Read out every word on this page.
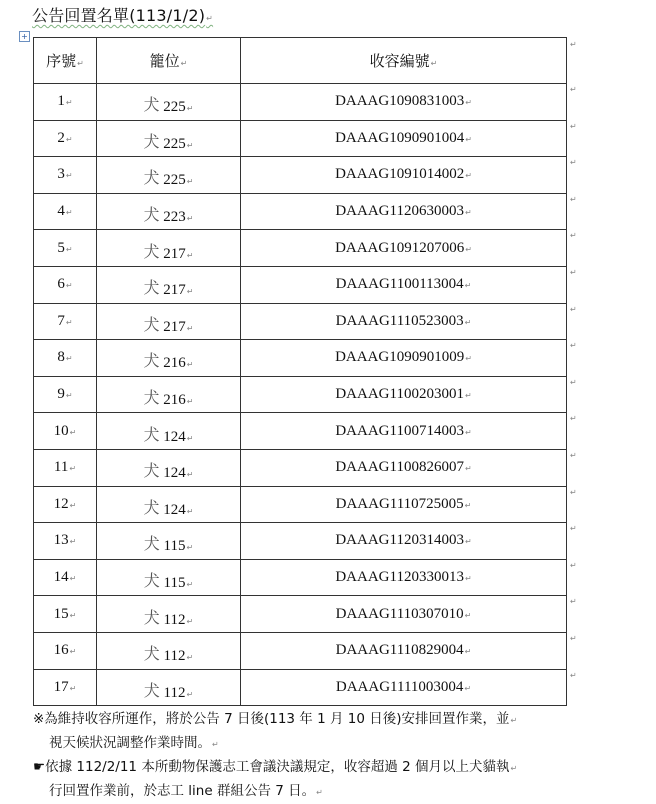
公告回置名單(113/1/2) ↵
+
序號 ↵	籠位 ↵	收容編號 ↵
1 ↵	犬 225 ↵	DAAAG1090831003 ↵
2 ↵	犬 225 ↵	DAAAG1090901004 ↵
3 ↵	犬 225 ↵	DAAAG1091014002 ↵
4 ↵	犬 223 ↵	DAAAG1120630003 ↵
5 ↵	犬 217 ↵	DAAAG1091207006 ↵
6 ↵	犬 217 ↵	DAAAG1100113004 ↵
7 ↵	犬 217 ↵	DAAAG1110523003 ↵
8 ↵	犬 216 ↵	DAAAG1090901009 ↵
9 ↵	犬 216 ↵	DAAAG1100203001 ↵
10 ↵	犬 124 ↵	DAAAG1100714003 ↵
11 ↵	犬 124 ↵	DAAAG1100826007 ↵
12 ↵	犬 124 ↵	DAAAG1110725005 ↵
13 ↵	犬 115 ↵	DAAAG1120314003 ↵
14 ↵	犬 115 ↵	DAAAG1120330013 ↵
15 ↵	犬 112 ↵	DAAAG1110307010 ↵
16 ↵	犬 112 ↵	DAAAG1110829004 ↵
17 ↵	犬 112 ↵	DAAAG1111003004 ↵
↵
↵
↵
↵
↵
↵
↵
↵
↵
↵
↵
↵
↵
↵
↵
↵
↵
↵

※為維持收容所運作，將於公告 7 日後(113 年 1 月 10 日後)安排回置作業，並 ↵

視天候狀況調整作業時間。 ↵

☛依據 112/2/11 本所動物保護志工會議決議規定，收容超過 2 個月以上犬貓執 ↵

行回置作業前，於志工 line 群組公告 7 日。 ↵
